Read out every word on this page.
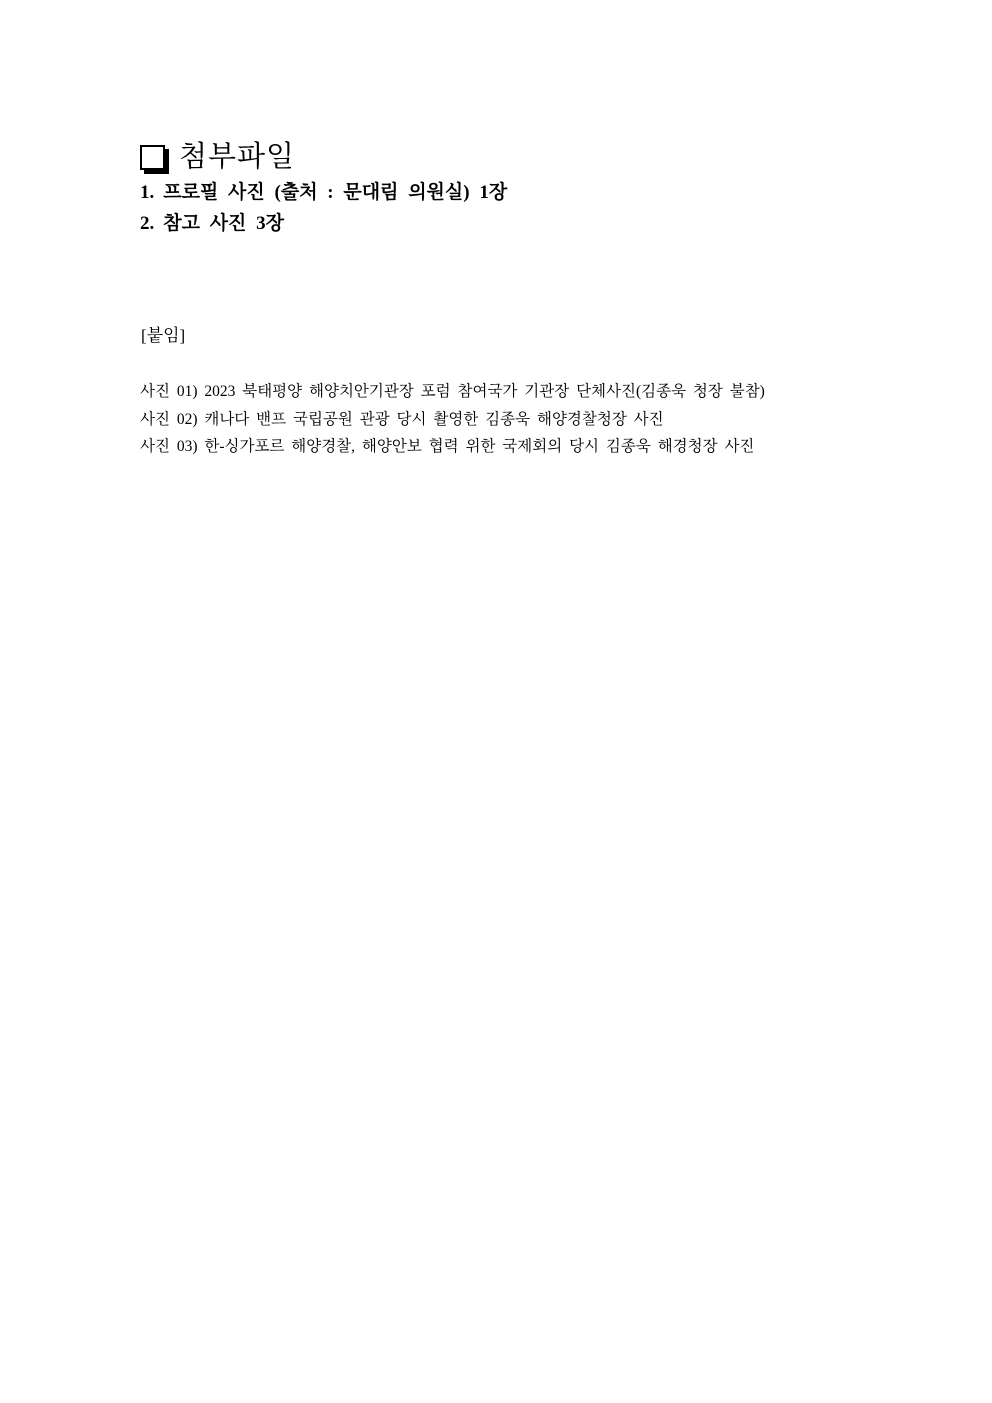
첨부파일
1. 프로필 사진 (출처 : 문대림 의원실) 1장
2. 참고 사진 3장
[붙임]
사진 01) 2023 북태평양 해양치안기관장 포럼 참여국가 기관장 단체사진(김종욱 청장 불참)
사진 02) 캐나다 밴프 국립공원 관광 당시 촬영한 김종욱 해양경찰청장 사진
사진 03) 한-싱가포르 해양경찰, 해양안보 협력 위한 국제회의 당시 김종욱 해경청장 사진
